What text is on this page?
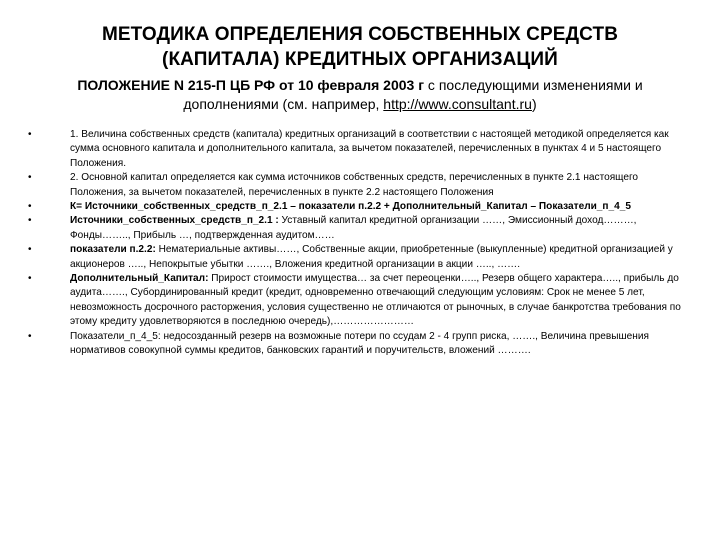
МЕТОДИКА ОПРЕДЕЛЕНИЯ СОБСТВЕННЫХ СРЕДСТВ
(КАПИТАЛА) КРЕДИТНЫХ ОРГАНИЗАЦИЙ
ПОЛОЖЕНИЕ N 215-П ЦБ РФ от 10 февраля 2003 г с последующими изменениями и дополнениями (см. например, http://www.consultant.ru)
•	1. Величина собственных средств (капитала) кредитных организаций в соответствии с настоящей методикой определяется как сумма основного капитала и дополнительного капитала, за вычетом показателей, перечисленных в пунктах 4 и 5 настоящего Положения.
•	2. Основной капитал определяется как сумма источников собственных средств, перечисленных в пункте 2.1 настоящего Положения, за вычетом показателей, перечисленных в пункте 2.2 настоящего Положения
•	К= Источники_собственных_средств_п_2.1 – показатели п.2.2 + Дополнительный_Капитал – Показатели_п_4_5
•	Источники_собственных_средств_п_2.1 : Уставный капитал кредитной организации ……, Эмиссионный доход………, Фонды…….., Прибыль …, подтвержденная аудитом……
•	показатели п.2.2: Нематериальные активы……, Собственные акции, приобретенные (выкупленные) кредитной организацией у акционеров ….., Непокрытые убытки ……., Вложения кредитной организации в акции ….., …….
•	Дополнительный_Капитал: Прирост стоимости имущества… за счет переоценки….., Резерв общего характера….., прибыль до аудита……., Субординированный кредит (кредит, одновременно отвечающий следующим условиям: Срок не менее 5 лет, невозможность досрочного расторжения, условия существенно не отличаются от рыночных, в случае банкротства требования по этому кредиту удовлетворяются в последнюю очередь),……………………
•	Показатели_п_4_5: недосозданный резерв на возможные потери по ссудам 2 - 4 групп риска, ……., Величина превышения нормативов совокупной суммы кредитов, банковских гарантий и поручительств, вложений ……….
